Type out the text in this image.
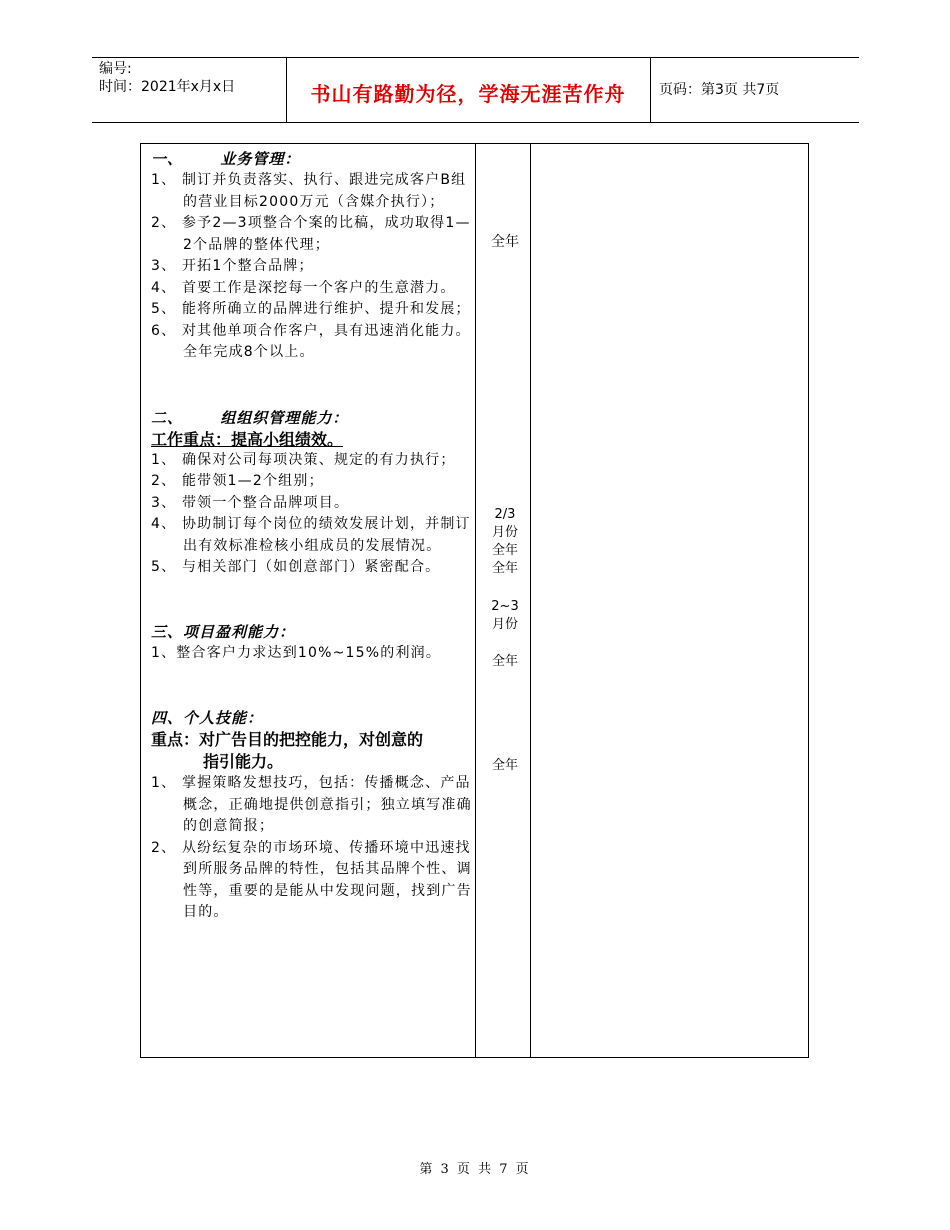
编号:
时间：2021年x月x日	书山有路勤为径，学海无涯苦作舟	页码：第3页 共7页
一、      业务管理：
1、 制订并负责落实、执行、跟进完成客户B组的营业目标2000万元（含媒介执行）；
2、 参予2—3项整合个案的比稿，成功取得1—2个品牌的整体代理；
3、 开拓1个整合品牌；
4、 首要工作是深挖每一个客户的生意潜力。
5、 能将所确立的品牌进行维护、提升和发展；
6、 对其他单项合作客户，具有迅速消化能力。全年完成8个以上。
二、      组组织管理能力：
工作重点：提高小组绩效。
1、 确保对公司每项决策、规定的有力执行；
2、 能带领1—2个组别；
3、 带领一个整合品牌项目。
4、 协助制订每个岗位的绩效发展计划，并制订出有效标准检核小组成员的发展情况。
5、 与相关部门（如创意部门）紧密配合。
三、项目盈利能力：
1、整合客户力求达到10%~15%的利润。
四、个人技能：
重点：对广告目的把控能力，对创意的
指引能力。
1、 掌握策略发想技巧，包括：传播概念、产品概念，正确地提供创意指引；独立填写准确的创意简报；
2、 从纷纭复杂的市场环境、传播环境中迅速找到所服务品牌的特性，包括其品牌个性、调性等，重要的是能从中发现问题，找到广告目的。
全年
2/3
月份
全年
全年
2~3
月份
全年
全年
第 3 页 共 7 页
